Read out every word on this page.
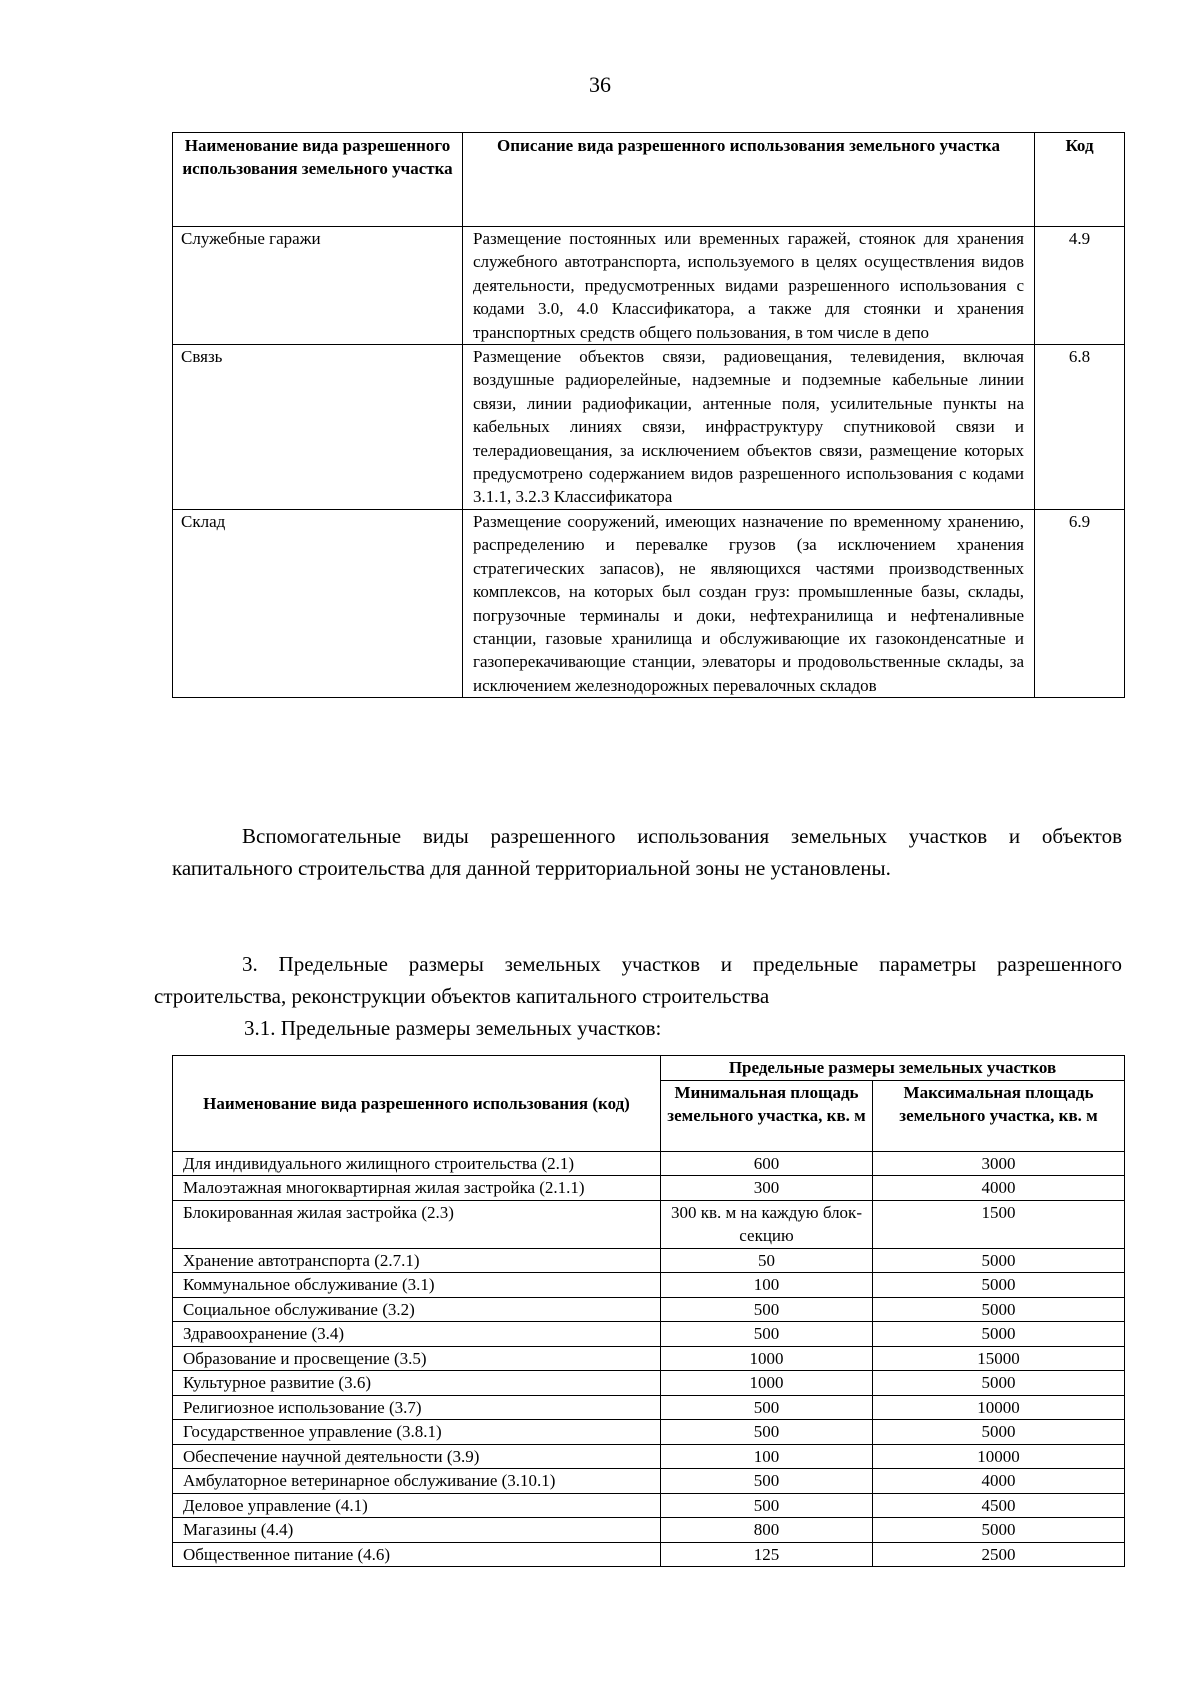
36
Наименование вида разрешенного использования земельного участка	Описание вида разрешенного использования земельного участка	Код
Служебные гаражи	Размещение постоянных или временных гаражей, стоянок для хранения служебного автотранспорта, используемого в целях осуществления видов деятельности, предусмотренных видами разрешенного использования с кодами 3.0, 4.0 Классификатора, а также для стоянки и хранения транспортных средств общего пользования, в том числе в депо	4.9
Связь	Размещение объектов связи, радиовещания, телевидения, включая воздушные радиорелейные, надземные и подземные кабельные линии связи, линии радиофикации, антенные поля, усилительные пункты на кабельных линиях связи, инфраструктуру спутниковой связи и телерадиовещания, за исключением объектов связи, размещение которых предусмотрено содержанием видов разрешенного использования с кодами 3.1.1, 3.2.3 Классификатора	6.8
Склад	Размещение сооружений, имеющих назначение по временному хранению, распределению и перевалке грузов (за исключением хранения стратегических запасов), не являющихся частями производственных комплексов, на которых был создан груз: промышленные базы, склады, погрузочные терминалы и доки, нефтехранилища и нефтеналивные станции, газовые хранилища и обслуживающие их газоконденсатные и газоперекачивающие станции, элеваторы и продовольственные склады, за исключением железнодорожных перевалочных складов	6.9
Вспомогательные виды разрешенного использования земельных участков и объектов капитального строительства для данной территориальной зоны не установлены.
3. Предельные размеры земельных участков и предельные параметры разрешенного строительства, реконструкции объектов капитального строительства
3.1. Предельные размеры земельных участков:
Наименование вида разрешенного использования (код)	Предельные размеры земельных участков	
	Минимальная площадь земельного участка, кв. м	Максимальная площадь земельного участка, кв. м
Для индивидуального жилищного строительства (2.1)	600	3000
Малоэтажная многоквартирная жилая застройка (2.1.1)	300	4000
Блокированная жилая застройка (2.3)	300 кв. м на каждую блок-секцию	1500
Хранение автотранспорта (2.7.1)	50	5000
Коммунальное обслуживание (3.1)	100	5000
Социальное обслуживание (3.2)	500	5000
Здравоохранение (3.4)	500	5000
Образование и просвещение (3.5)	1000	15000
Культурное развитие (3.6)	1000	5000
Религиозное использование (3.7)	500	10000
Государственное управление (3.8.1)	500	5000
Обеспечение научной деятельности (3.9)	100	10000
Амбулаторное ветеринарное обслуживание (3.10.1)	500	4000
Деловое управление (4.1)	500	4500
Магазины (4.4)	800	5000
Общественное питание (4.6)	125	2500
